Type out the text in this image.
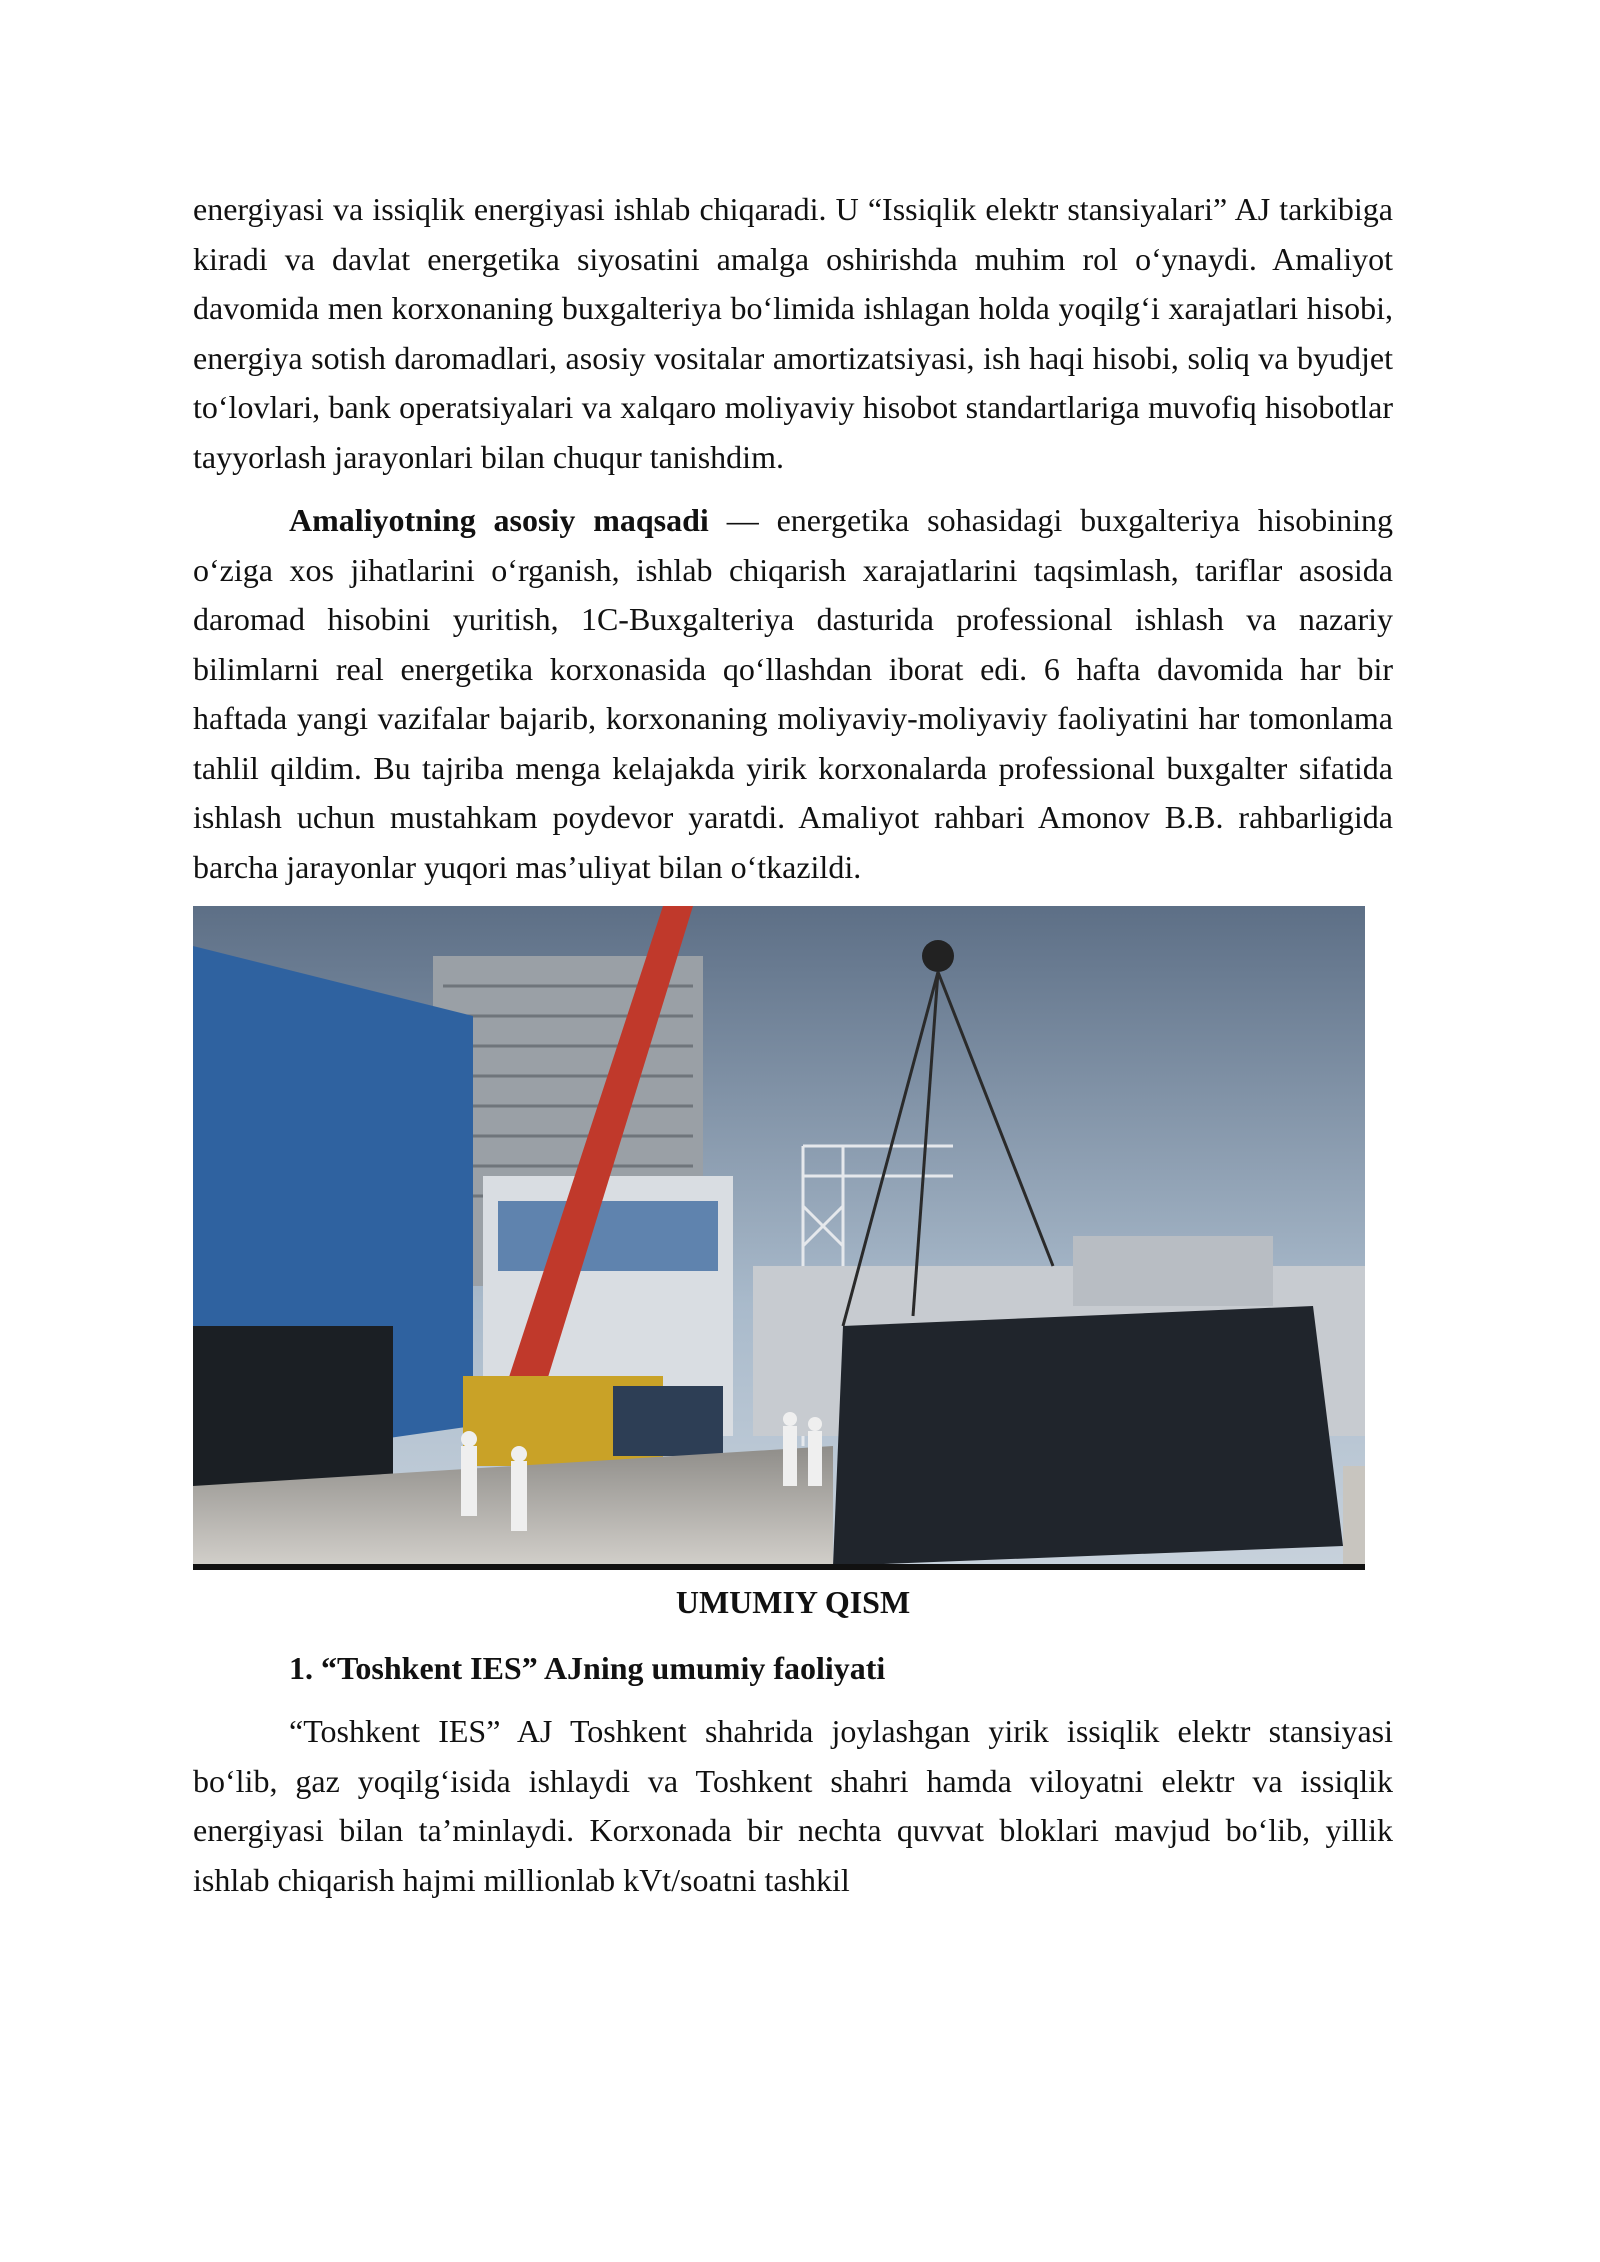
energiyasi va issiqlik energiyasi ishlab chiqaradi. U “Issiqlik elektr stansiyalari” AJ tarkibiga kiradi va davlat energetika siyosatini amalga oshirishda muhim rol o‘ynaydi. Amaliyot davomida men korxonaning buxgalteriya bo‘limida ishlagan holda yoqilg‘i xarajatlari hisobi, energiya sotish daromadlari, asosiy vositalar amortizatsiyasi, ish haqi hisobi, soliq va byudjet to‘lovlari, bank operatsiyalari va xalqaro moliyaviy hisobot standartlariga muvofiq hisobotlar tayyorlash jarayonlari bilan chuqur tanishdim.

Amaliyotning asosiy maqsadi — energetika sohasidagi buxgalteriya hisobining o‘ziga xos jihatlarini o‘rganish, ishlab chiqarish xarajatlarini taqsimlash, tariflar asosida daromad hisobini yuritish, 1C-Buxgalteriya dasturida professional ishlash va nazariy bilimlarni real energetika korxonasida qo‘llashdan iborat edi. 6 hafta davomida har bir haftada yangi vazifalar bajarib, korxonaning moliyaviy-moliyaviy faoliyatini har tomonlama tahlil qildim. Bu tajriba menga kelajakda yirik korxonalarda professional buxgalter sifatida ishlash uchun mustahkam poydevor yaratdi. Amaliyot rahbari Amonov B.B. rahbarligida barcha jarayonlar yuqori mas’uliyat bilan o‘tkazildi.

UMUMIY QISM
1. “Toshkent IES” AJning umumiy faoliyati

“Toshkent IES” AJ Toshkent shahrida joylashgan yirik issiqlik elektr stansiyasi bo‘lib, gaz yoqilg‘isida ishlaydi va Toshkent shahri hamda viloyatni elektr va issiqlik energiyasi bilan ta’minlaydi. Korxonada bir nechta quvvat bloklari mavjud bo‘lib, yillik ishlab chiqarish hajmi millionlab kVt/soatni tashkil
